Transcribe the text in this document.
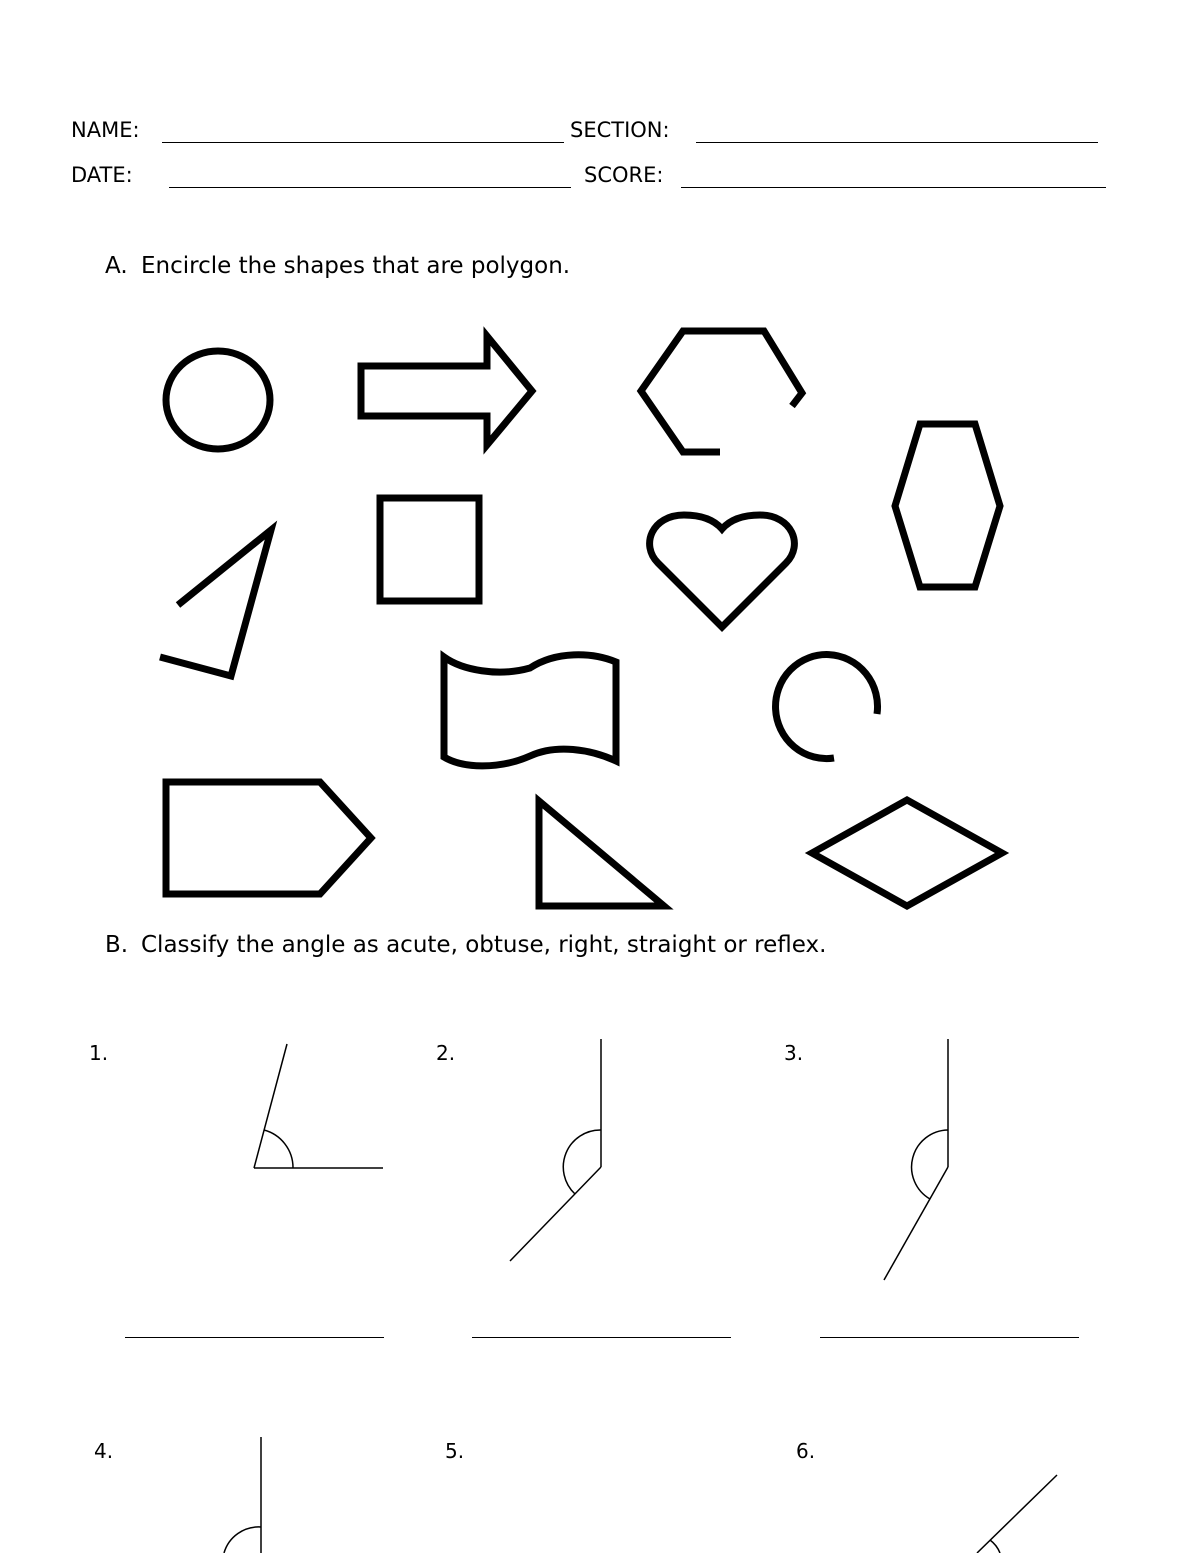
NAME:	SECTION:
DATE:	SCORE:
A. Encircle the shapes that are polygon.
B. Classify the angle as acute, obtuse, right, straight or reflex.
1.	2.	3.
4.	5.	6.
